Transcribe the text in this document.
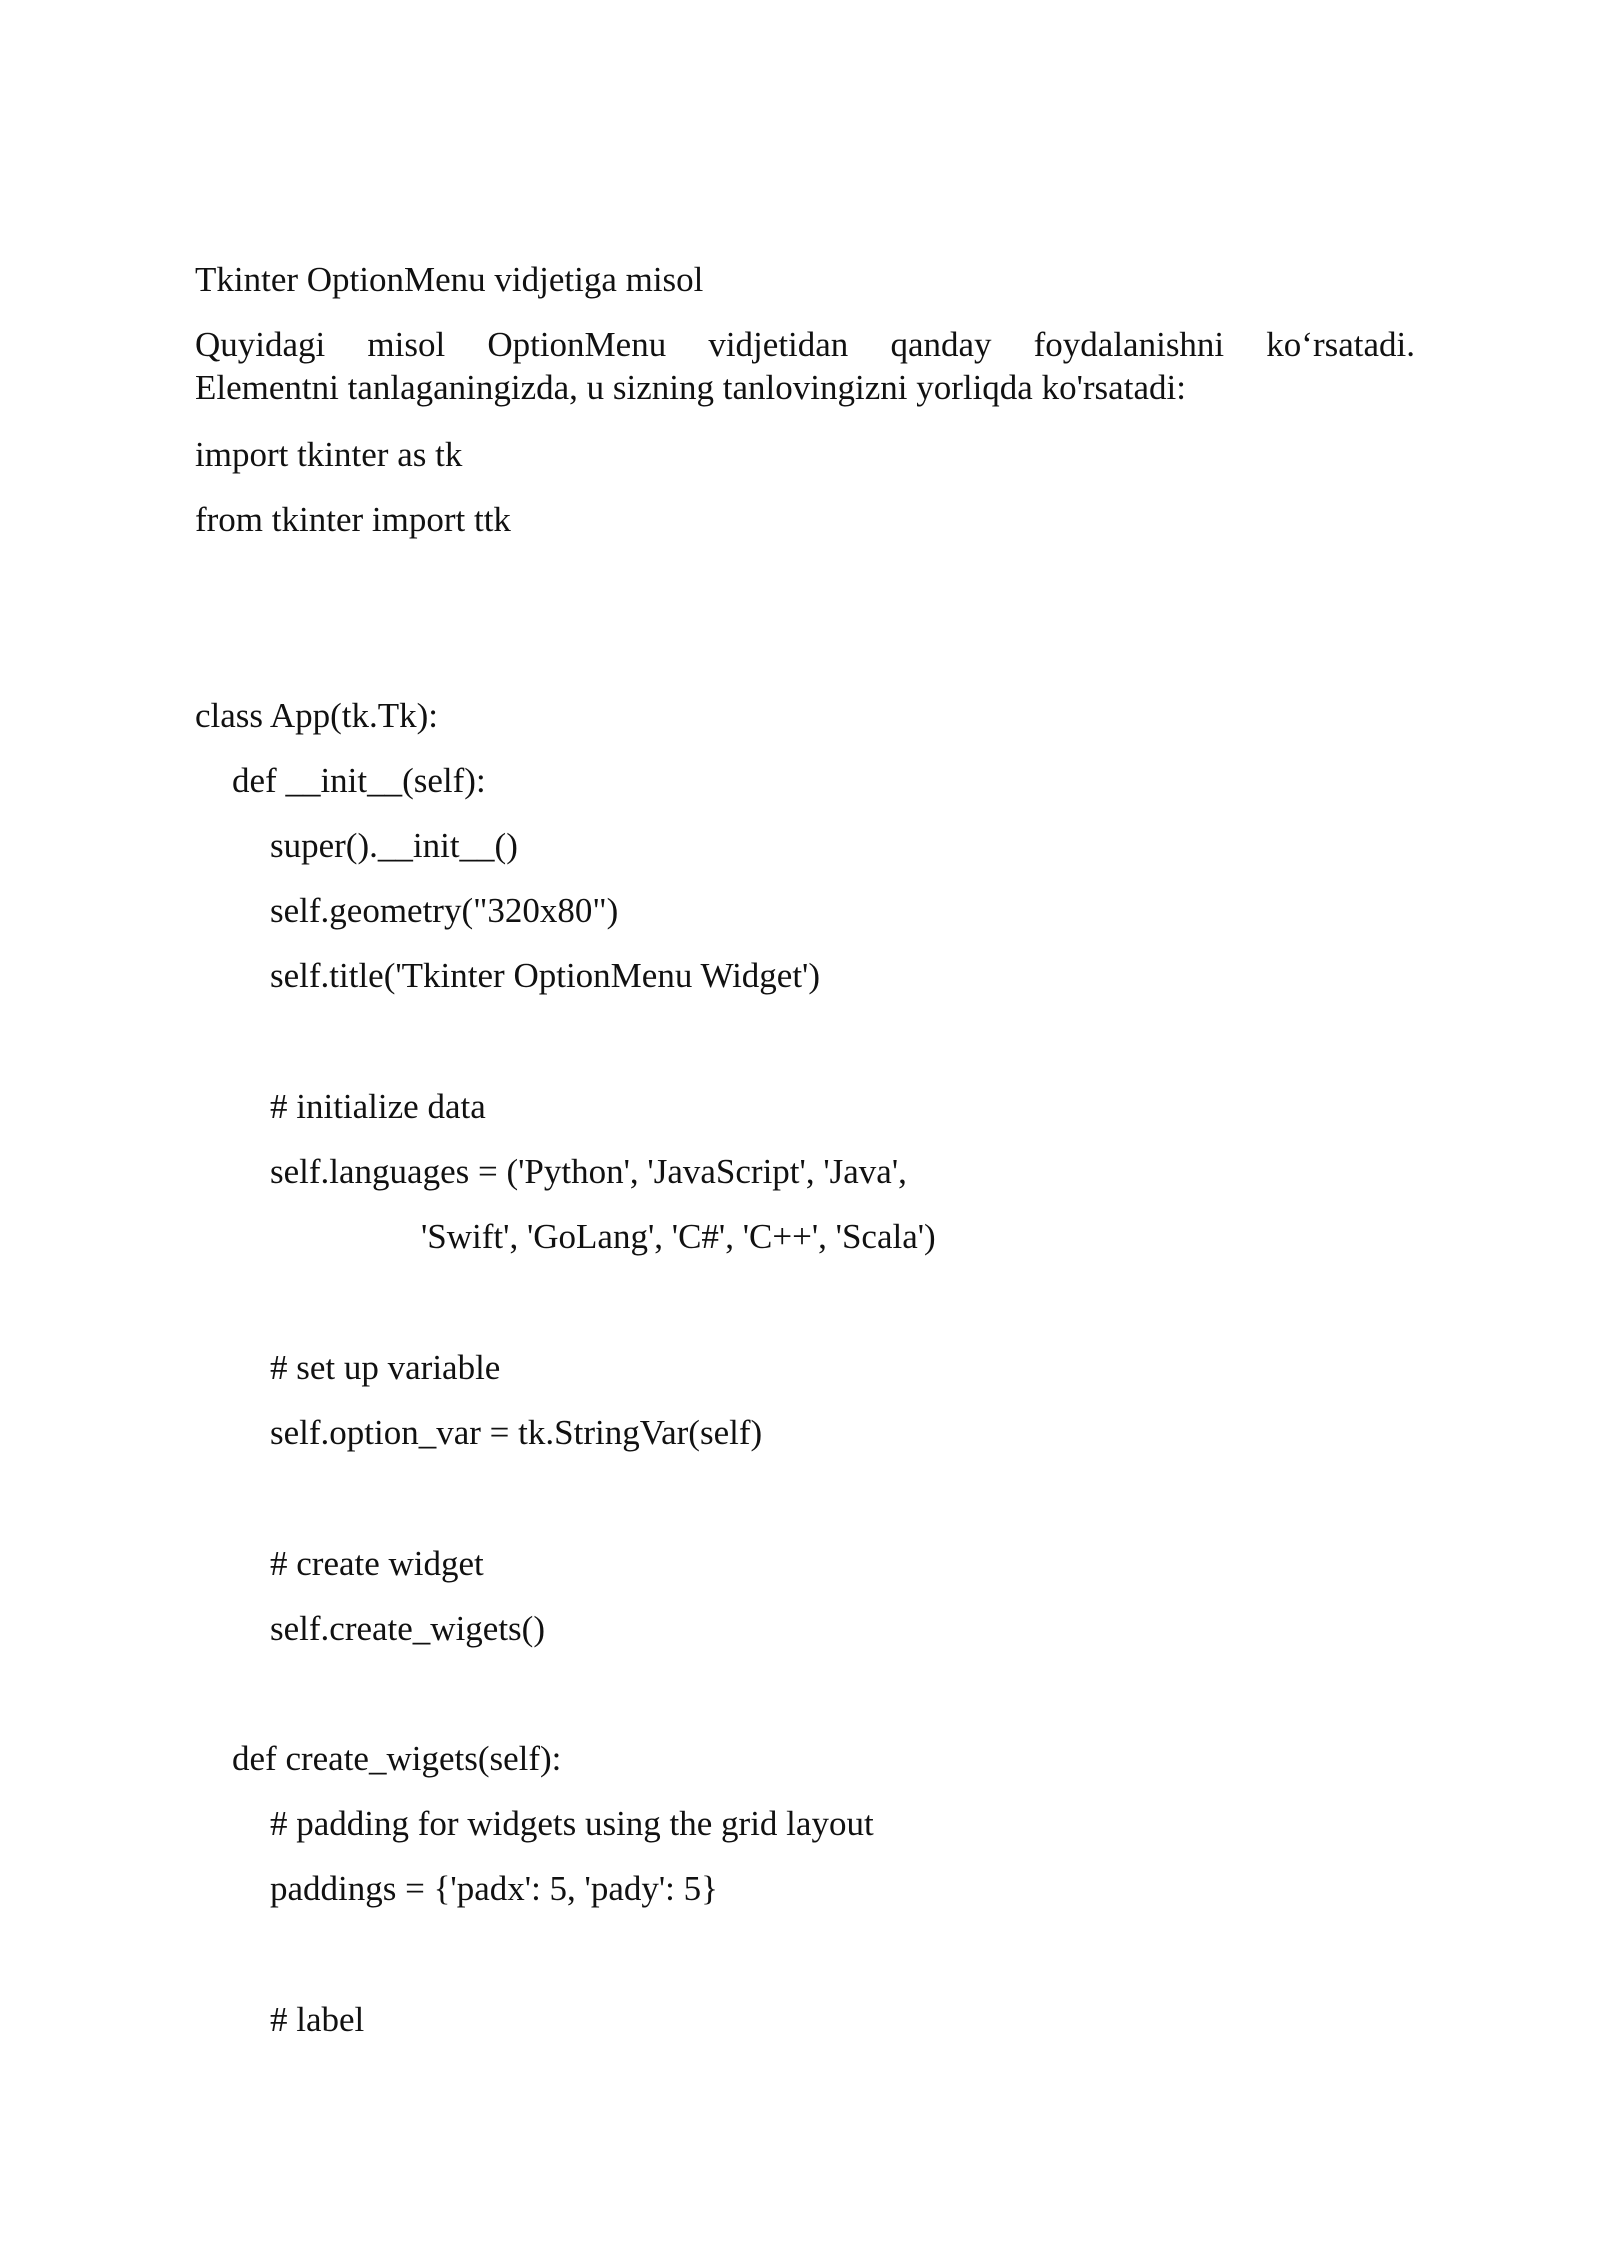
Tkinter OptionMenu vidjetiga misol
Quyidagi misol OptionMenu vidjetidan qanday foydalanishni ko‘rsatadi.
Elementni tanlaganingizda, u sizning tanlovingizni yorliqda ko'rsatadi:
import tkinter as tk
from tkinter import ttk
class App(tk.Tk):
def __init__(self):
super().__init__()
self.geometry("320x80")
self.title('Tkinter OptionMenu Widget')
# initialize data
self.languages = ('Python', 'JavaScript', 'Java',
'Swift', 'GoLang', 'C#', 'C++', 'Scala')
# set up variable
self.option_var = tk.StringVar(self)
# create widget
self.create_wigets()
def create_wigets(self):
# padding for widgets using the grid layout
paddings = {'padx': 5, 'pady': 5}
# label
